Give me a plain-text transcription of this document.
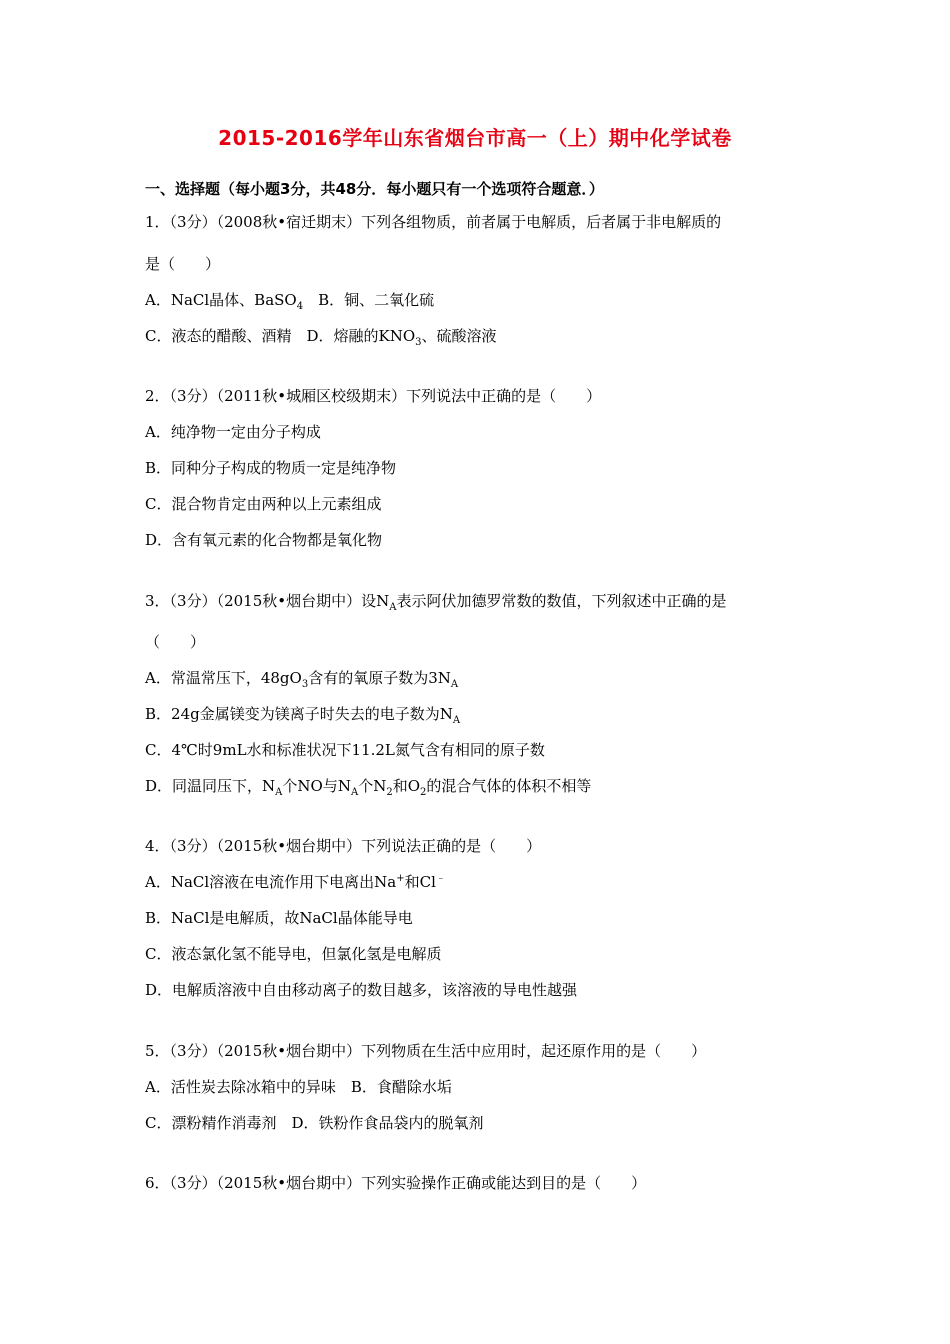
2015-2016学年山东省烟台市高一（上）期中化学试卷
一、选择题（每小题3分，共48分．每小题只有一个选项符合题意．）
1．（3分）（2008秋•宿迁期末）下列各组物质，前者属于电解质，后者属于非电解质的
是（　　）
A．NaCl晶体、BaSO$_4$　B．铜、二氧化硫
C．液态的醋酸、酒精　D．熔融的$KNO_3$、硫酸溶液
2．（3分）（2011秋•城厢区校级期末）下列说法中正确的是（　　）
A．纯净物一定由分子构成
B．同种分子构成的物质一定是纯净物
C．混合物肯定由两种以上元素组成
D．含有氧元素的化合物都是氧化物
3．（3分）（2015秋•烟台期中）设$N_A$表示阿伏加德罗常数的数值，下列叙述中正确的是
（　　）
A．常温常压下，$48gO_3$含有的氧原子数为$3N_A$
B．24g金属镁变为镁离子时失去的电子数为$N_A$
C．4℃时9mL水和标准状况下11.2L氮气含有相同的原子数
D．同温同压下，$N_A$个NO与$N_A$个$N_2$和$O_2$的混合气体的体积不相等
4．（3分）（2015秋•烟台期中）下列说法正确的是（　　）
A．NaCl溶液在电流作用下电离出Na+和Cl﹣
B．NaCl是电解质，故NaCl晶体能导电
C．液态氯化氢不能导电，但氯化氢是电解质
D．电解质溶液中自由移动离子的数目越多，该溶液的导电性越强
5．（3分）（2015秋•烟台期中）下列物质在生活中应用时，起还原作用的是（　　）
A．活性炭去除冰箱中的异味　B．食醋除水垢
C．漂粉精作消毒剂　D．铁粉作食品袋内的脱氧剂
6．（3分）（2015秋•烟台期中）下列实验操作正确或能达到目的是（　　）
